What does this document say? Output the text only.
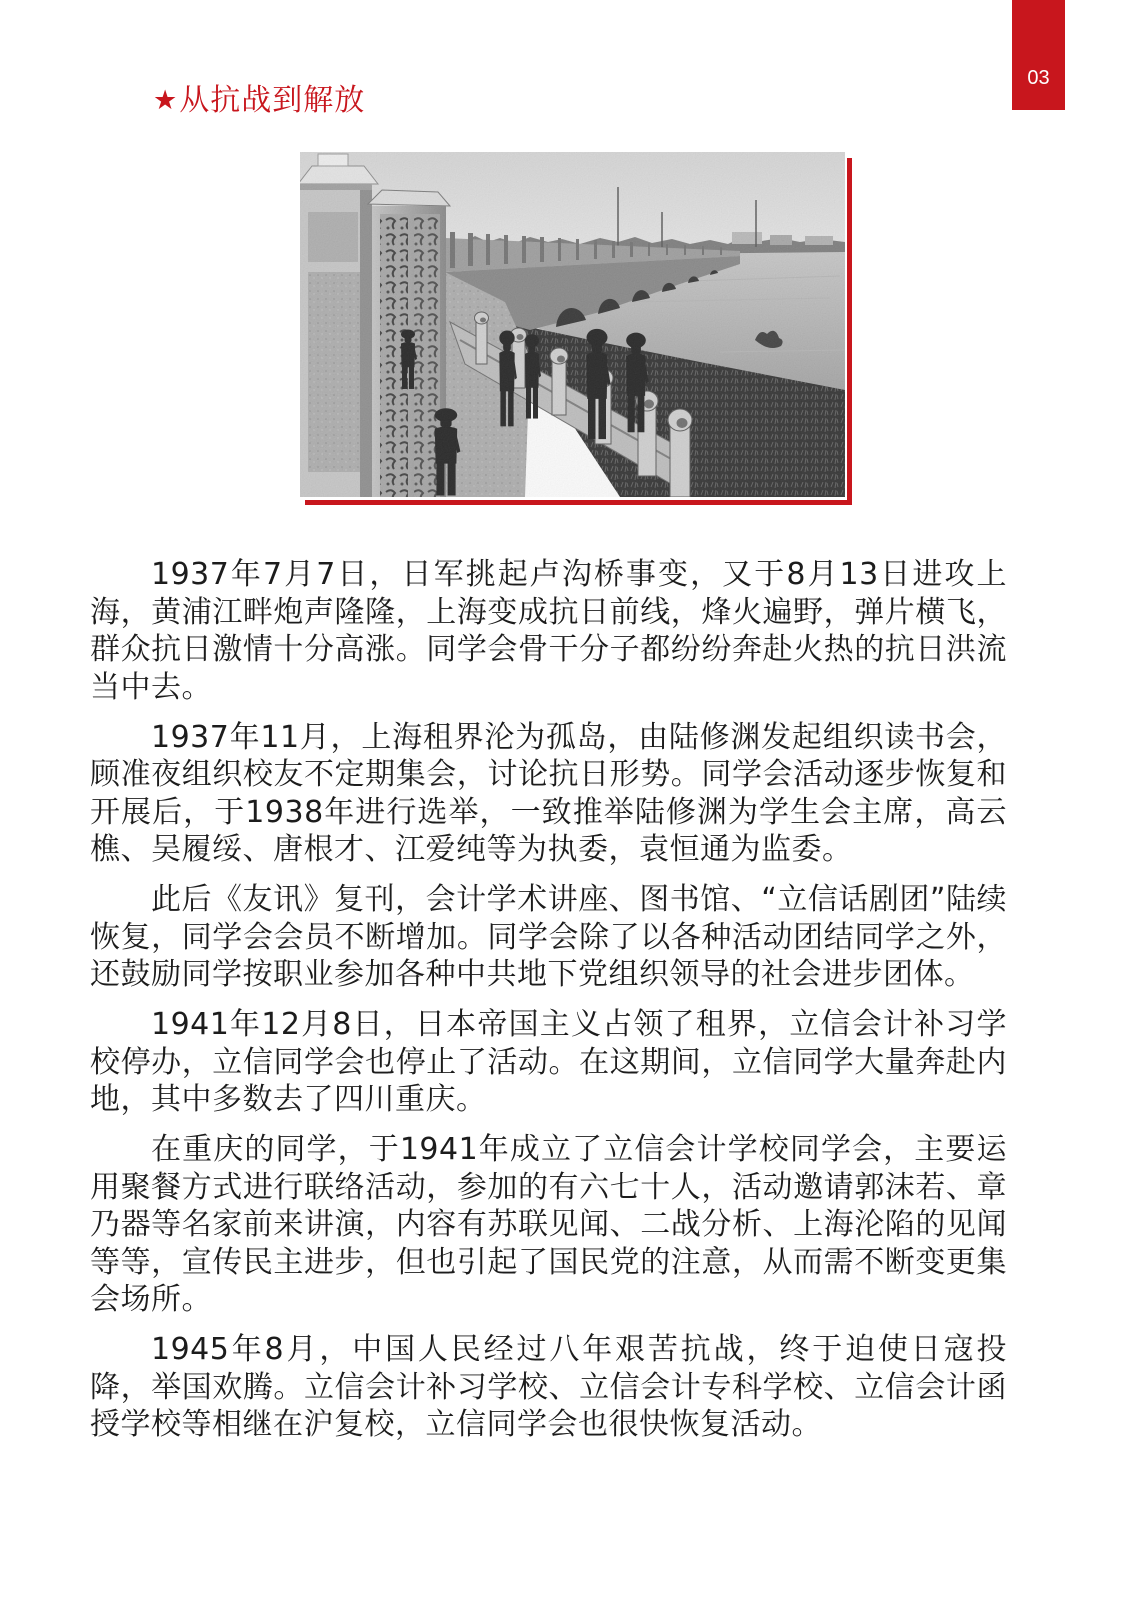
03
★从抗战到解放

1937年7月7日，日军挑起卢沟桥事变，又于8月13日进攻上海，黄浦江畔炮声隆隆，上海变成抗日前线，烽火遍野，弹片横飞，群众抗日激情十分高涨。同学会骨干分子都纷纷奔赴火热的抗日洪流当中去。

1937年11月，上海租界沦为孤岛，由陆修渊发起组织读书会，顾准夜组织校友不定期集会，讨论抗日形势。同学会活动逐步恢复和开展后，于1938年进行选举，一致推举陆修渊为学生会主席，高云樵、吴履绥、唐根才、江爱纯等为执委，袁恒通为监委。

此后《友讯》复刊，会计学术讲座、图书馆、“立信话剧团”陆续恢复，同学会会员不断增加。同学会除了以各种活动团结同学之外，还鼓励同学按职业参加各种中共地下党组织领导的社会进步团体。

1941年12月8日，日本帝国主义占领了租界，立信会计补习学校停办，立信同学会也停止了活动。在这期间，立信同学大量奔赴内地，其中多数去了四川重庆。

在重庆的同学，于1941年成立了立信会计学校同学会，主要运用聚餐方式进行联络活动，参加的有六七十人，活动邀请郭沫若、章乃器等名家前来讲演，内容有苏联见闻、二战分析、上海沦陷的见闻等等，宣传民主进步，但也引起了国民党的注意，从而需不断变更集会场所。

1945年8月，中国人民经过八年艰苦抗战，终于迫使日寇投降，举国欢腾。立信会计补习学校、立信会计专科学校、立信会计函授学校等相继在沪复校，立信同学会也很快恢复活动。
